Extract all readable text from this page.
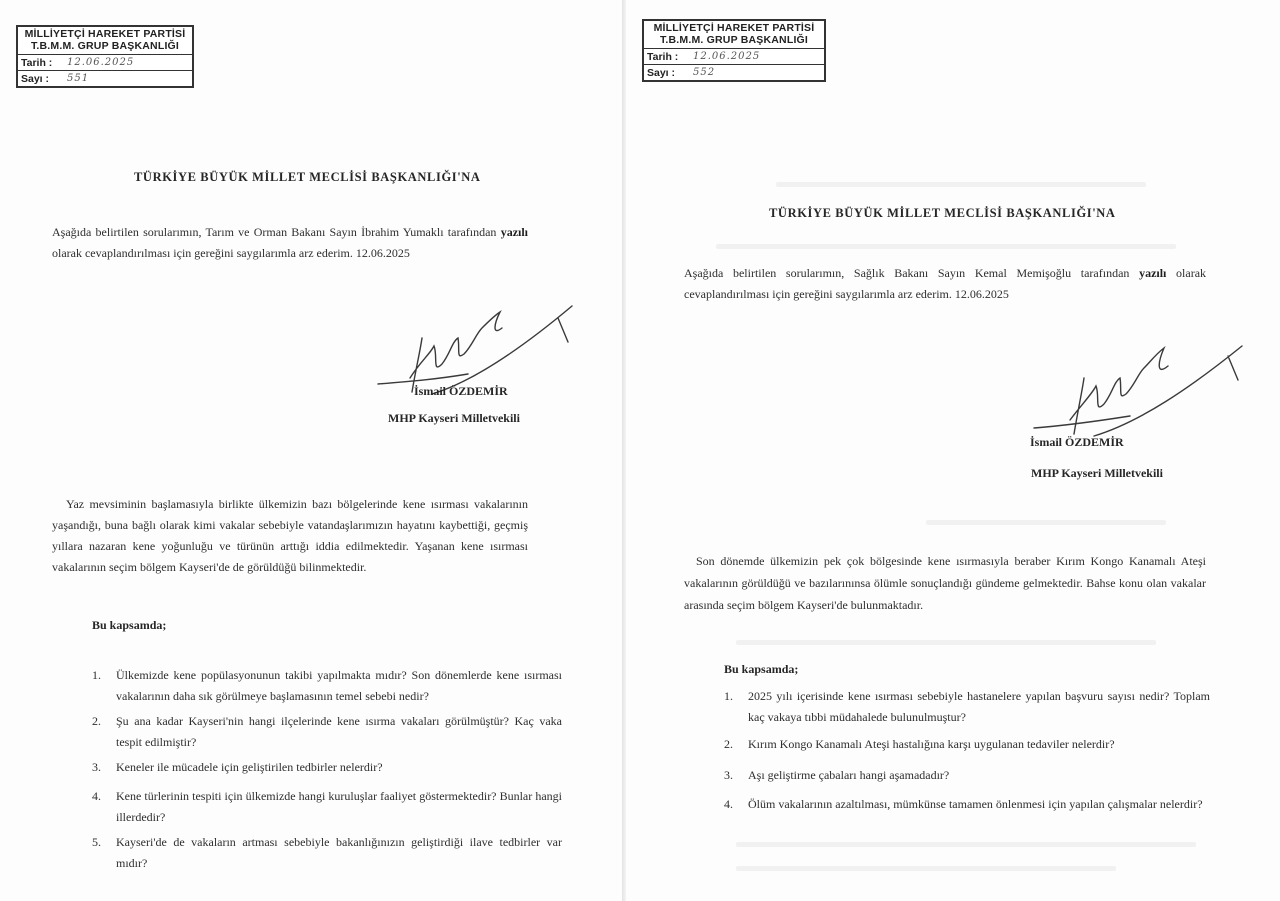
MİLLİYETÇİ HAREKET PARTİSİ
T.B.M.M. GRUP BAŞKANLIĞI
Tarih :	12.06.2025
Sayı :	551
TÜRKİYE BÜYÜK MİLLET MECLİSİ BAŞKANLIĞI'NA
Aşağıda belirtilen sorularımın, Tarım ve Orman Bakanı Sayın İbrahim Yumaklı tarafından yazılı olarak cevaplandırılması için gereğini saygılarımla arz ederim. 12.06.2025
İsmail ÖZDEMİR
MHP Kayseri Milletvekili
Yaz mevsiminin başlamasıyla birlikte ülkemizin bazı bölgelerinde kene ısırması vakalarının yaşandığı, buna bağlı olarak kimi vakalar sebebiyle vatandaşlarımızın hayatını kaybettiği, geçmiş yıllara nazaran kene yoğunluğu ve türünün arttığı iddia edilmektedir. Yaşanan kene ısırması vakalarının seçim bölgem Kayseri'de de görüldüğü bilinmektedir.
Bu kapsamda;
1.	Ülkemizde kene popülasyonunun takibi yapılmakta mıdır? Son dönemlerde kene ısırması vakalarının daha sık görülmeye başlamasının temel sebebi nedir?
2.	Şu ana kadar Kayseri'nin hangi ilçelerinde kene ısırma vakaları görülmüştür? Kaç vaka tespit edilmiştir?
3.	Keneler ile mücadele için geliştirilen tedbirler nelerdir?
4.	Kene türlerinin tespiti için ülkemizde hangi kuruluşlar faaliyet göstermektedir? Bunlar hangi illerdedir?
5.	Kayseri'de de vakaların artması sebebiyle bakanlığınızın geliştirdiği ilave tedbirler var mıdır?
MİLLİYETÇİ HAREKET PARTİSİ
T.B.M.M. GRUP BAŞKANLIĞI
Tarih :	12.06.2025
Sayı :	552
TÜRKİYE BÜYÜK MİLLET MECLİSİ BAŞKANLIĞI'NA
Aşağıda belirtilen sorularımın, Sağlık Bakanı Sayın Kemal Memişoğlu tarafından yazılı olarak cevaplandırılması için gereğini saygılarımla arz ederim. 12.06.2025
İsmail ÖZDEMİR
MHP Kayseri Milletvekili
Son dönemde ülkemizin pek çok bölgesinde kene ısırmasıyla beraber Kırım Kongo Kanamalı Ateşi vakalarının görüldüğü ve bazılarınınsa ölümle sonuçlandığı gündeme gelmektedir. Bahse konu olan vakalar arasında seçim bölgem Kayseri'de bulunmaktadır.
Bu kapsamda;
1.	2025 yılı içerisinde kene ısırması sebebiyle hastanelere yapılan başvuru sayısı nedir? Toplam kaç vakaya tıbbi müdahalede bulunulmuştur?
2.	Kırım Kongo Kanamalı Ateşi hastalığına karşı uygulanan tedaviler nelerdir?
3.	Aşı geliştirme çabaları hangi aşamadadır?
4.	Ölüm vakalarının azaltılması, mümkünse tamamen önlenmesi için yapılan çalışmalar nelerdir?
